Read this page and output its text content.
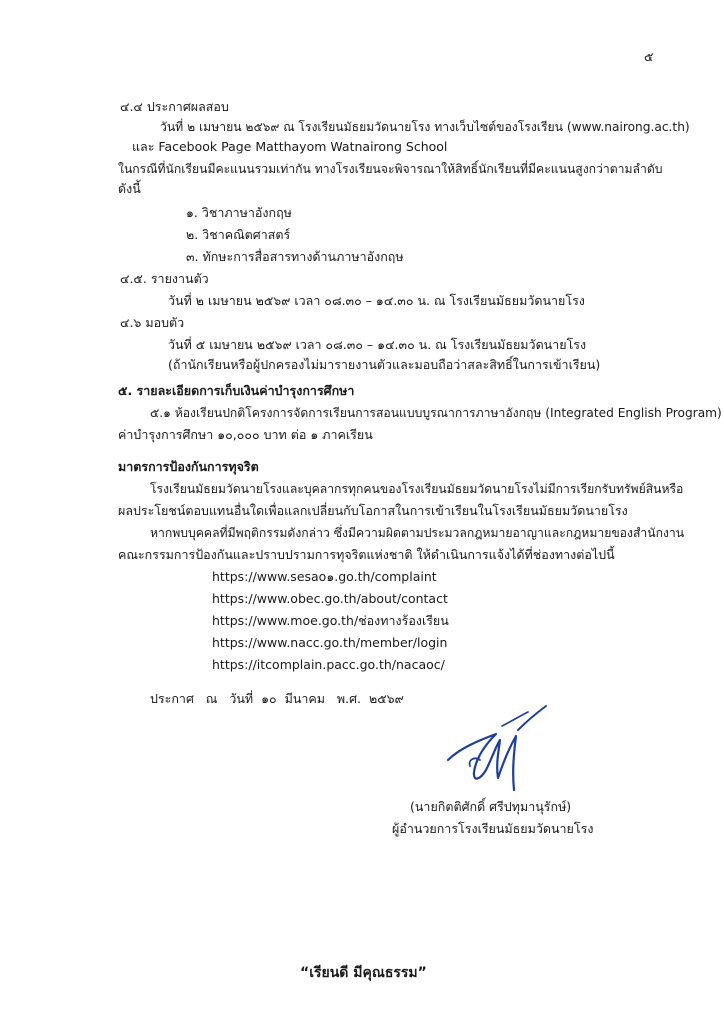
๕
๔.๔ ประกาศผลสอบ
วันที่ ๒ เมษายน ๒๕๖๙ ณ โรงเรียนมัธยมวัดนายโรง ทางเว็บไซต์ของโรงเรียน (www.nairong.ac.th)
และ Facebook Page Matthayom Watnairong School
ในกรณีที่นักเรียนมีคะแนนรวมเท่ากัน ทางโรงเรียนจะพิจารณาให้สิทธิ์นักเรียนที่มีคะแนนสูงกว่าตามลำดับ
ดังนี้
๑. วิชาภาษาอังกฤษ
๒. วิชาคณิตศาสตร์
๓. ทักษะการสื่อสารทางด้านภาษาอังกฤษ
๔.๕. รายงานตัว
วันที่ ๒ เมษายน ๒๕๖๙ เวลา ๐๘.๓๐ – ๑๔.๓๐ น. ณ โรงเรียนมัธยมวัดนายโรง
๔.๖ มอบตัว
วันที่ ๕ เมษายน ๒๕๖๙ เวลา ๐๘.๓๐ – ๑๔.๓๐ น. ณ โรงเรียนมัธยมวัดนายโรง
(ถ้านักเรียนหรือผู้ปกครองไม่มารายงานตัวและมอบถือว่าสละสิทธิ์ในการเข้าเรียน)
๕. รายละเอียดการเก็บเงินค่าบำรุงการศึกษา
๕.๑ ห้องเรียนปกติโครงการจัดการเรียนการสอนแบบบูรณาการภาษาอังกฤษ (Integrated English Program)
ค่าบำรุงการศึกษา ๑๐,๐๐๐ บาท ต่อ ๑ ภาคเรียน
มาตรการป้องกันการทุจริต
โรงเรียนมัธยมวัดนายโรงและบุคลากรทุกคนของโรงเรียนมัธยมวัดนายโรงไม่มีการเรียกรับทรัพย์สินหรือ
ผลประโยชน์ตอบแทนอื่นใดเพื่อแลกเปลี่ยนกับโอกาสในการเข้าเรียนในโรงเรียนมัธยมวัดนายโรง
หากพบบุคคลที่มีพฤติกรรมดังกล่าว ซึ่งมีความผิดตามประมวลกฎหมายอาญาและกฎหมายของสำนักงาน
คณะกรรมการป้องกันและปราบปรามการทุจริตแห่งชาติ ให้ดำเนินการแจ้งได้ที่ช่องทางต่อไปนี้
https://www.sesao๑.go.th/complaint
https://www.obec.go.th/about/contact
https://www.moe.go.th/ช่องทางร้องเรียน
https://www.nacc.go.th/member/login
https://itcomplain.pacc.go.th/nacaoc/
ประกาศ   ณ   วันที่  ๑๐  มีนาคม   พ.ศ.  ๒๕๖๙
(นายกิตติศักดิ์ ศรีปทุมานุรักษ์)
ผู้อำนวยการโรงเรียนมัธยมวัดนายโรง
“เรียนดี มีคุณธรรม”
